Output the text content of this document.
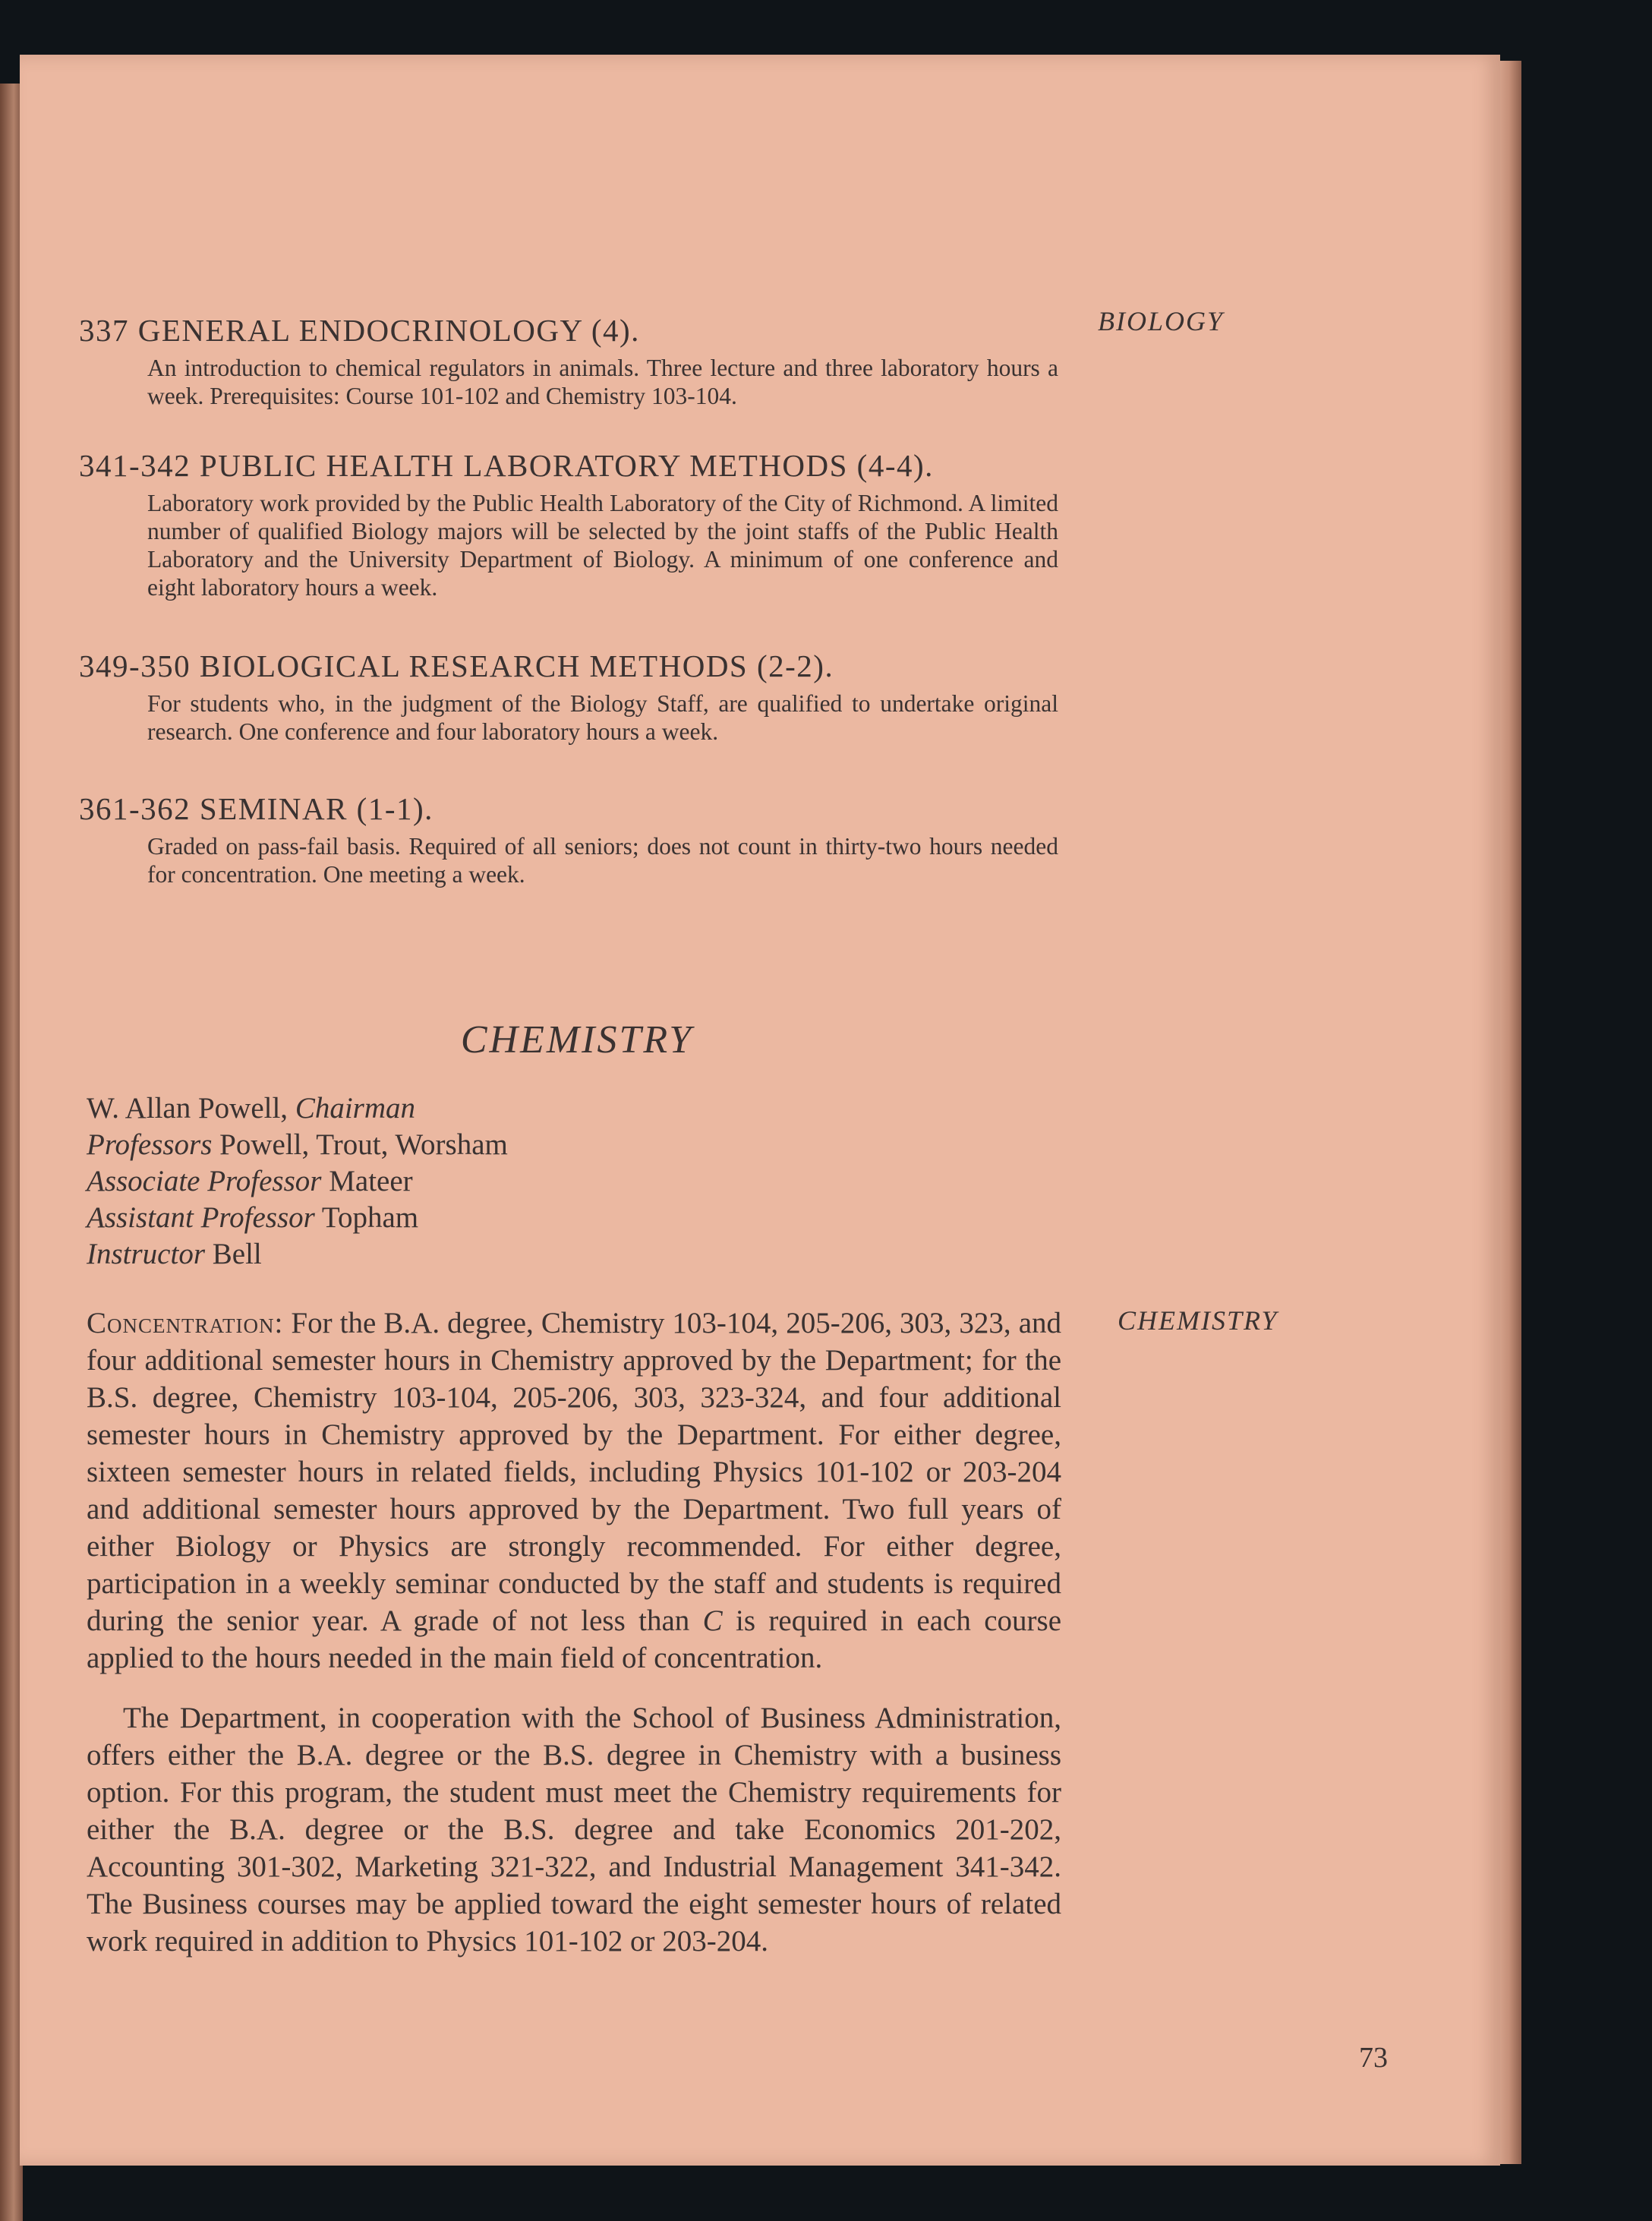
BIOLOGY
337 GENERAL ENDOCRINOLOGY (4).
An introduction to chemical regulators in animals. Three lecture and three laboratory hours a week. Prerequisites: Course 101-102 and Chemistry 103-104.
341-342 PUBLIC HEALTH LABORATORY METHODS (4-4).
Laboratory work provided by the Public Health Laboratory of the City of Richmond. A limited number of qualified Biology majors will be selected by the joint staffs of the Public Health Laboratory and the University Department of Biology. A minimum of one conference and eight laboratory hours a week.
349-350 BIOLOGICAL RESEARCH METHODS (2-2).
For students who, in the judgment of the Biology Staff, are qualified to undertake original research. One conference and four laboratory hours a week.
361-362 SEMINAR (1-1).
Graded on pass-fail basis. Required of all seniors; does not count in thirty-two hours needed for concentration. One meeting a week.
CHEMISTRY
W. Allan Powell, Chairman
Professors Powell, Trout, Worsham
Associate Professor Mateer
Assistant Professor Topham
Instructor Bell
CHEMISTRY
Concentration: For the B.A. degree, Chemistry 103-104, 205-206, 303, 323, and four additional semester hours in Chemistry approved by the Department; for the B.S. degree, Chemistry 103-104, 205-206, 303, 323-324, and four additional semester hours in Chemistry approved by the Department. For either degree, sixteen semester hours in related fields, including Physics 101-102 or 203-204 and additional semester hours approved by the Department. Two full years of either Biology or Physics are strongly recommended. For either degree, participation in a weekly seminar conducted by the staff and students is required during the senior year. A grade of not less than C is required in each course applied to the hours needed in the main field of concentration.
The Department, in cooperation with the School of Business Administration, offers either the B.A. degree or the B.S. degree in Chemistry with a business option. For this program, the student must meet the Chemistry requirements for either the B.A. degree or the B.S. degree and take Economics 201-202, Accounting 301-302, Marketing 321-322, and Industrial Management 341-342. The Business courses may be applied toward the eight semester hours of related work required in addition to Physics 101-102 or 203-204.
73
